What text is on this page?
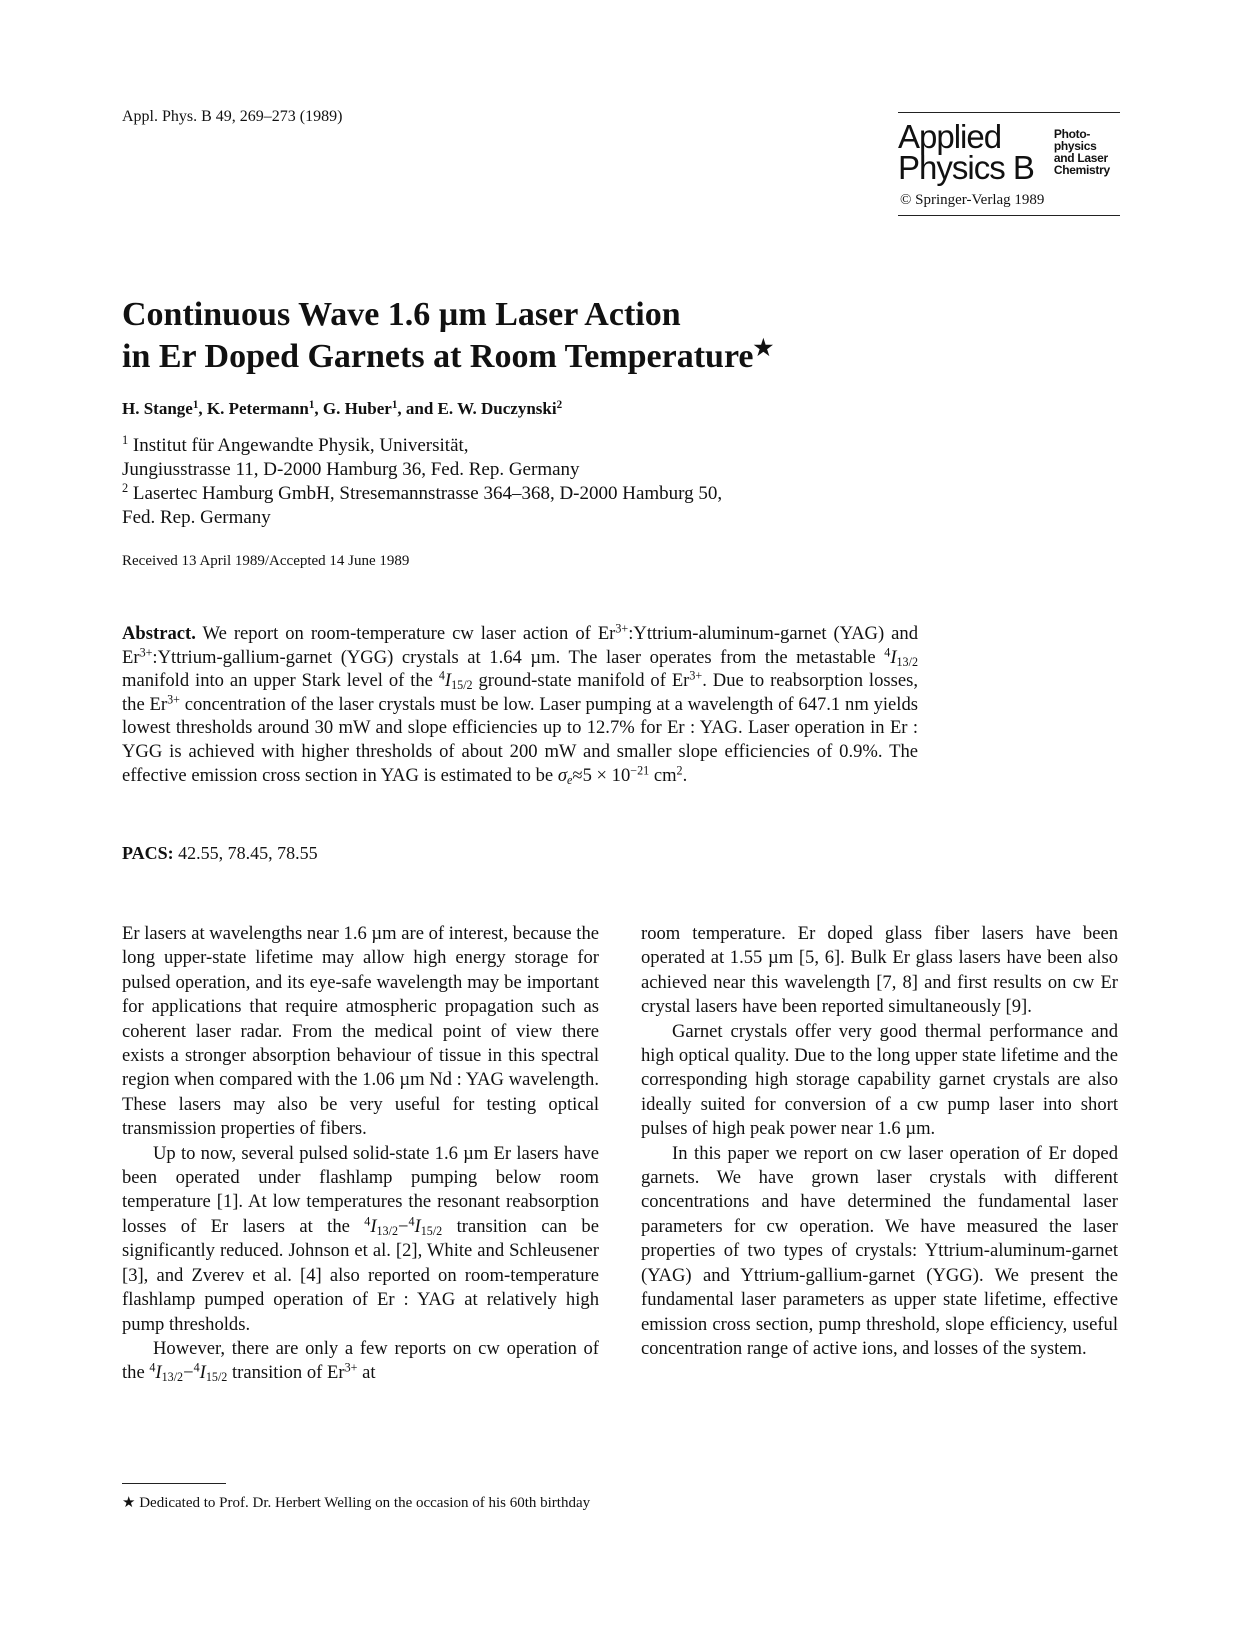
Appl. Phys. B 49, 269–273 (1989)
Applied
Physics B
Photo-
physics
and Laser
Chemistry
© Springer-Verlag 1989
Continuous Wave 1.6 µm Laser Action
in Er Doped Garnets at Room Temperature★
H. Stange$^1$, K. Petermann$^1$, G. Huber$^1$, and E. W. Duczynski$^2$
$^1$ Institut für Angewandte Physik, Universität,
Jungiusstrasse 11, D-2000 Hamburg 36, Fed. Rep. Germany
$^2$ Lasertec Hamburg GmbH, Stresemannstrasse 364–368, D-2000 Hamburg 50,
Fed. Rep. Germany
Received 13 April 1989/Accepted 14 June 1989
Abstract. We report on room-temperature cw laser action of $Er^{3+}:Yttrium-aluminum$-garnet (YAG) and $Er^{3+}:Yttrium-gallium$-garnet (YGG) crystals at 1.64 µm. The laser operates from the metastable $^4I_{13/2}$ manifold into an upper Stark level of the $^4I_{15/2}$ ground-state manifold of $Er^{3+}$. Due to reabsorption losses, the $Er^{3+}$ concentration of the laser crystals must be low. Laser pumping at a wavelength of 647.1 nm yields lowest thresholds around 30 mW and slope efficiencies up to 12.7% for Er : YAG. Laser operation in Er : YGG is achieved with higher thresholds of about 200 mW and smaller slope efficiencies of 0.9%. The effective emission cross section in YAG is estimated to be $\sigma_e\approx 5 \times 10^{-21}$ $cm^2$.
PACS: 42.55, 78.45, 78.55

Er lasers at wavelengths near 1.6 µm are of interest, because the long upper-state lifetime may allow high energy storage for pulsed operation, and its eye-safe wavelength may be important for applications that require atmospheric propagation such as coherent laser radar. From the medical point of view there exists a stronger absorption behaviour of tissue in this spectral region when compared with the 1.06 µm Nd : YAG wavelength. These lasers may also be very useful for testing optical transmission properties of fibers.

Up to now, several pulsed solid-state 1.6 µm Er lasers have been operated under flashlamp pumping below room temperature [1]. At low temperatures the resonant reabsorption losses of Er lasers at the $^4I_{13/2}-^4I_{15/2}$ transition can be significantly reduced. Johnson et al. [2], White and Schleusener [3], and Zverev et al. [4] also reported on room-temperature flashlamp pumped operation of Er : YAG at relatively high pump thresholds.

However, there are only a few reports on cw operation of the $^4I_{13/2}-^4I_{15/2}$ transition of $Er^{3+}$ at

room temperature. Er doped glass fiber lasers have been operated at 1.55 µm [5, 6]. Bulk Er glass lasers have been also achieved near this wavelength [7, 8] and first results on cw Er crystal lasers have been reported simultaneously [9].

Garnet crystals offer very good thermal performance and high optical quality. Due to the long upper state lifetime and the corresponding high storage capability garnet crystals are also ideally suited for conversion of a cw pump laser into short pulses of high peak power near 1.6 µm.

In this paper we report on cw laser operation of Er doped garnets. We have grown laser crystals with different concentrations and have determined the fundamental laser parameters for cw operation. We have measured the laser properties of two types of crystals: Yttrium-aluminum-garnet (YAG) and Yttrium-gallium-garnet (YGG). We present the fundamental laser parameters as upper state lifetime, effective emission cross section, pump threshold, slope efficiency, useful concentration range of active ions, and losses of the system.

★ Dedicated to Prof. Dr. Herbert Welling on the occasion of his 60th birthday
